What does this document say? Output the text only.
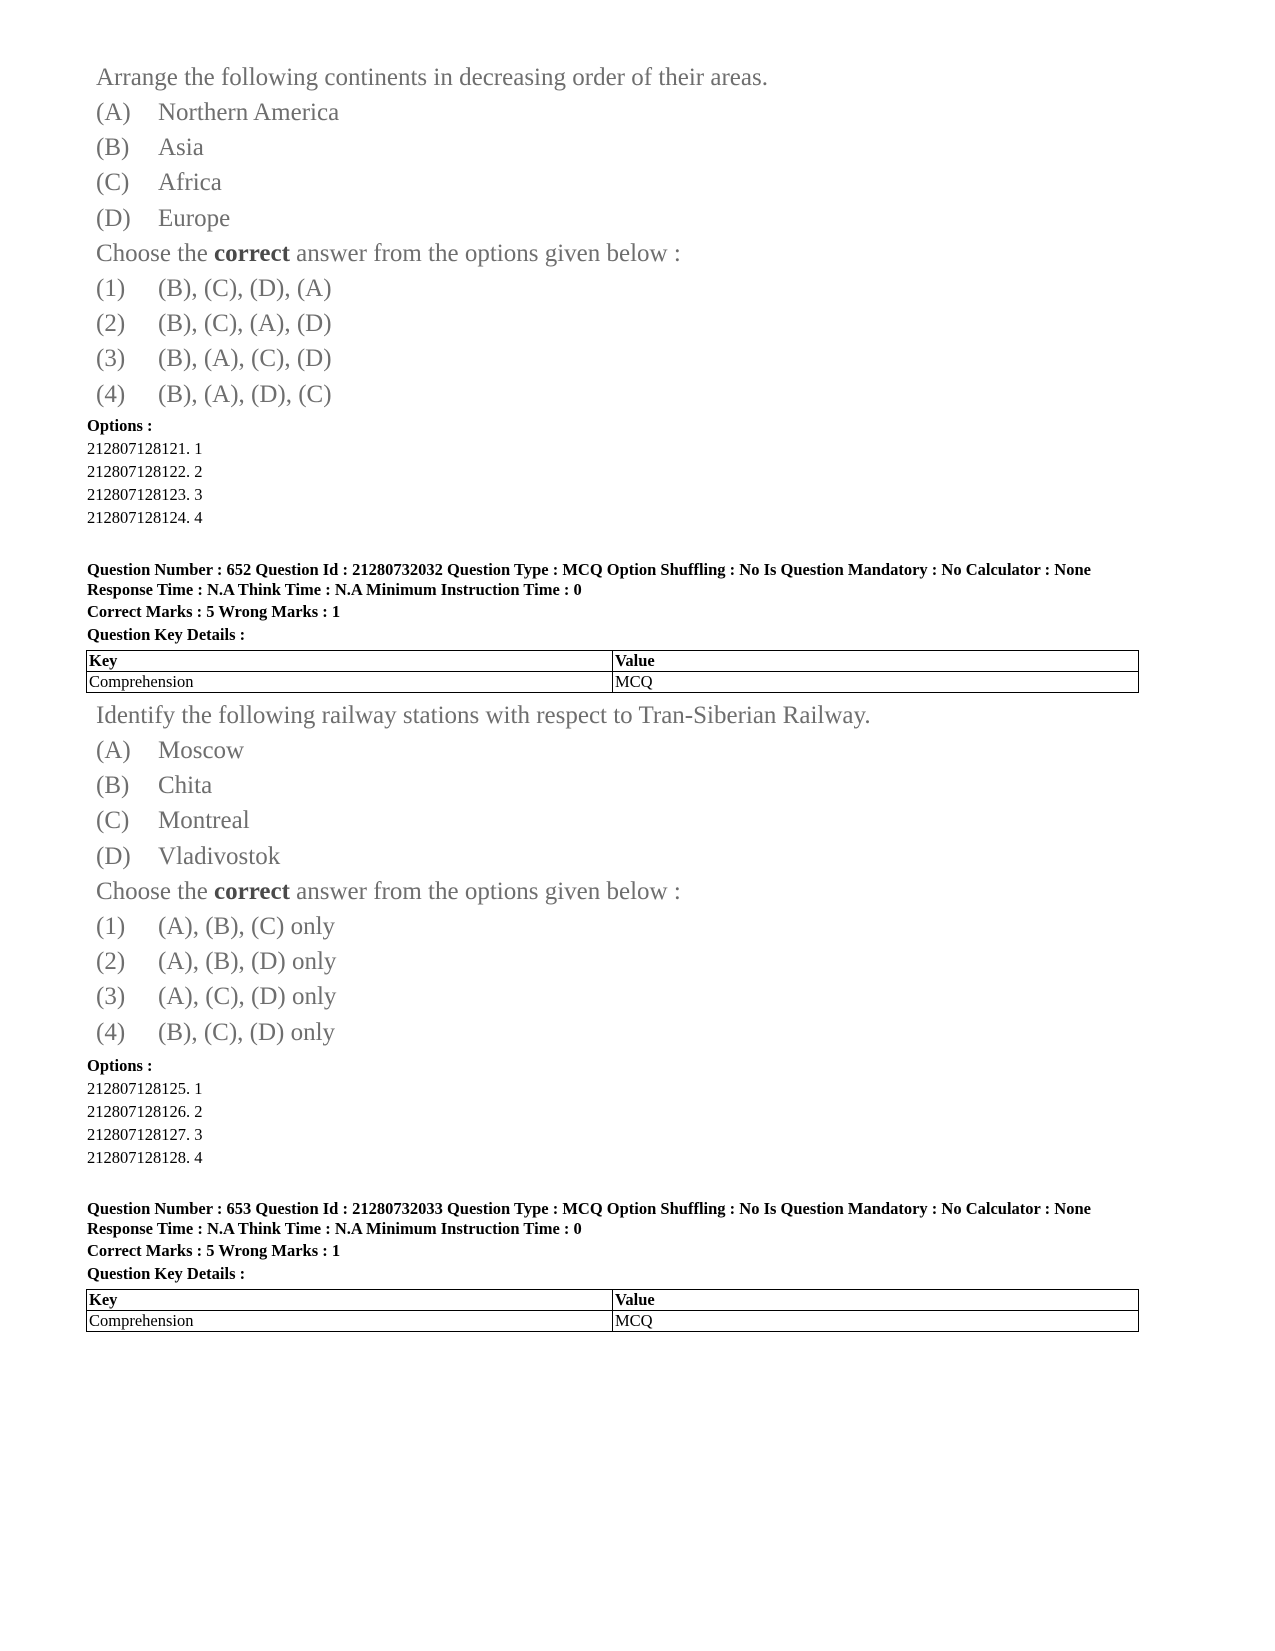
Arrange the following continents in decreasing order of their areas.
(A) Northern America
(B) Asia
(C) Africa
(D) Europe
Choose the correct answer from the options given below :
(1) (B), (C), (D), (A)
(2) (B), (C), (A), (D)
(3) (B), (A), (C), (D)
(4) (B), (A), (D), (C)
Options :
212807128121. 1
212807128122. 2
212807128123. 3
212807128124. 4
Question Number : 652 Question Id : 21280732032 Question Type : MCQ Option Shuffling : No Is Question Mandatory : No Calculator : None
Response Time : N.A Think Time : N.A Minimum Instruction Time : 0
Correct Marks : 5 Wrong Marks : 1
Question Key Details :
Key	Value
Comprehension	MCQ
Identify the following railway stations with respect to Tran-Siberian Railway.
(A) Moscow
(B) Chita
(C) Montreal
(D) Vladivostok
Choose the correct answer from the options given below :
(1) (A), (B), (C) only
(2) (A), (B), (D) only
(3) (A), (C), (D) only
(4) (B), (C), (D) only
Options :
212807128125. 1
212807128126. 2
212807128127. 3
212807128128. 4
Question Number : 653 Question Id : 21280732033 Question Type : MCQ Option Shuffling : No Is Question Mandatory : No Calculator : None
Response Time : N.A Think Time : N.A Minimum Instruction Time : 0
Correct Marks : 5 Wrong Marks : 1
Question Key Details :
Key	Value
Comprehension	MCQ
